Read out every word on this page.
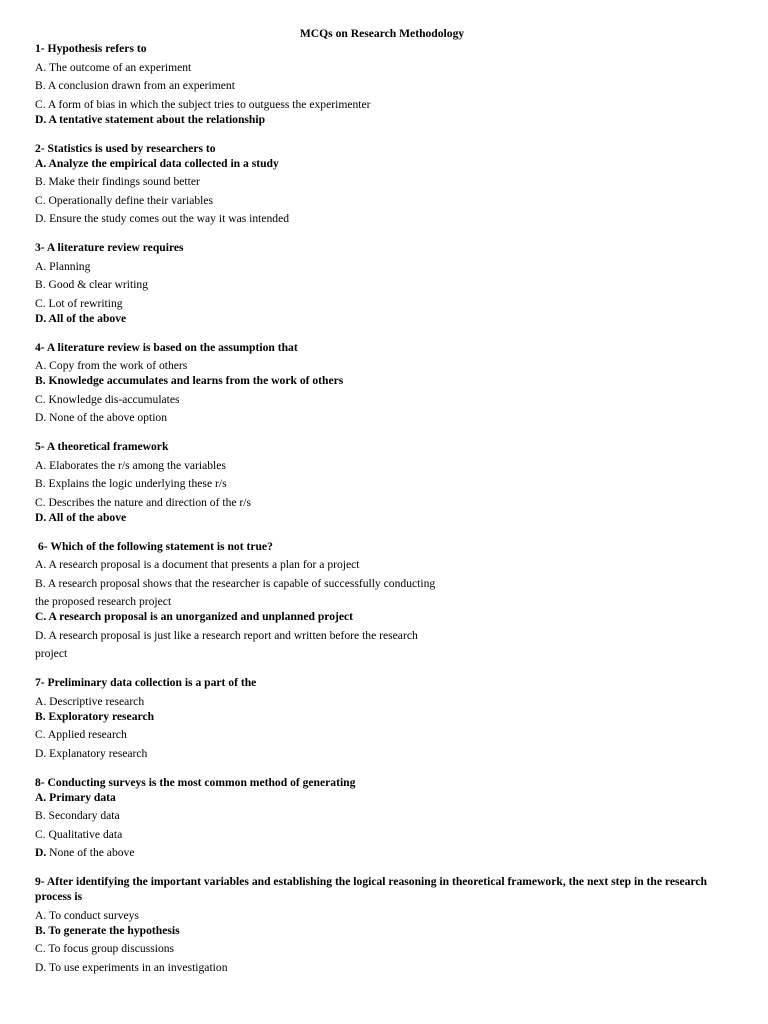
MCQs on Research Methodology
1- Hypothesis refers to
A. The outcome of an experiment
B. A conclusion drawn from an experiment
C. A form of bias in which the subject tries to outguess the experimenter
D. A tentative statement about the relationship
2- Statistics is used by researchers to
A. Analyze the empirical data collected in a study
B. Make their findings sound better
C. Operationally define their variables
D. Ensure the study comes out the way it was intended
3- A literature review requires
A. Planning
B. Good & clear writing
C. Lot of rewriting
D. All of the above
4- A literature review is based on the assumption that
A. Copy from the work of others
B. Knowledge accumulates and learns from the work of others
C. Knowledge dis-accumulates
D. None of the above option
5- A theoretical framework
A. Elaborates the r/s among the variables
B. Explains the logic underlying these r/s
C. Describes the nature and direction of the r/s
D. All of the above
6- Which of the following statement is not true?
A. A research proposal is a document that presents a plan for a project
B. A research proposal shows that the researcher is capable of successfully conducting
the proposed research project
C. A research proposal is an unorganized and unplanned project
D. A research proposal is just like a research report and written before the research
project
7- Preliminary data collection is a part of the
A. Descriptive research
B. Exploratory research
C. Applied research
D. Explanatory research
8- Conducting surveys is the most common method of generating
A. Primary data
B. Secondary data
C. Qualitative data
D. None of the above
9- After identifying the important variables and establishing the logical reasoning in theoretical framework, the next step in the research process is
A. To conduct surveys
B. To generate the hypothesis
C. To focus group discussions
D. To use experiments in an investigation
